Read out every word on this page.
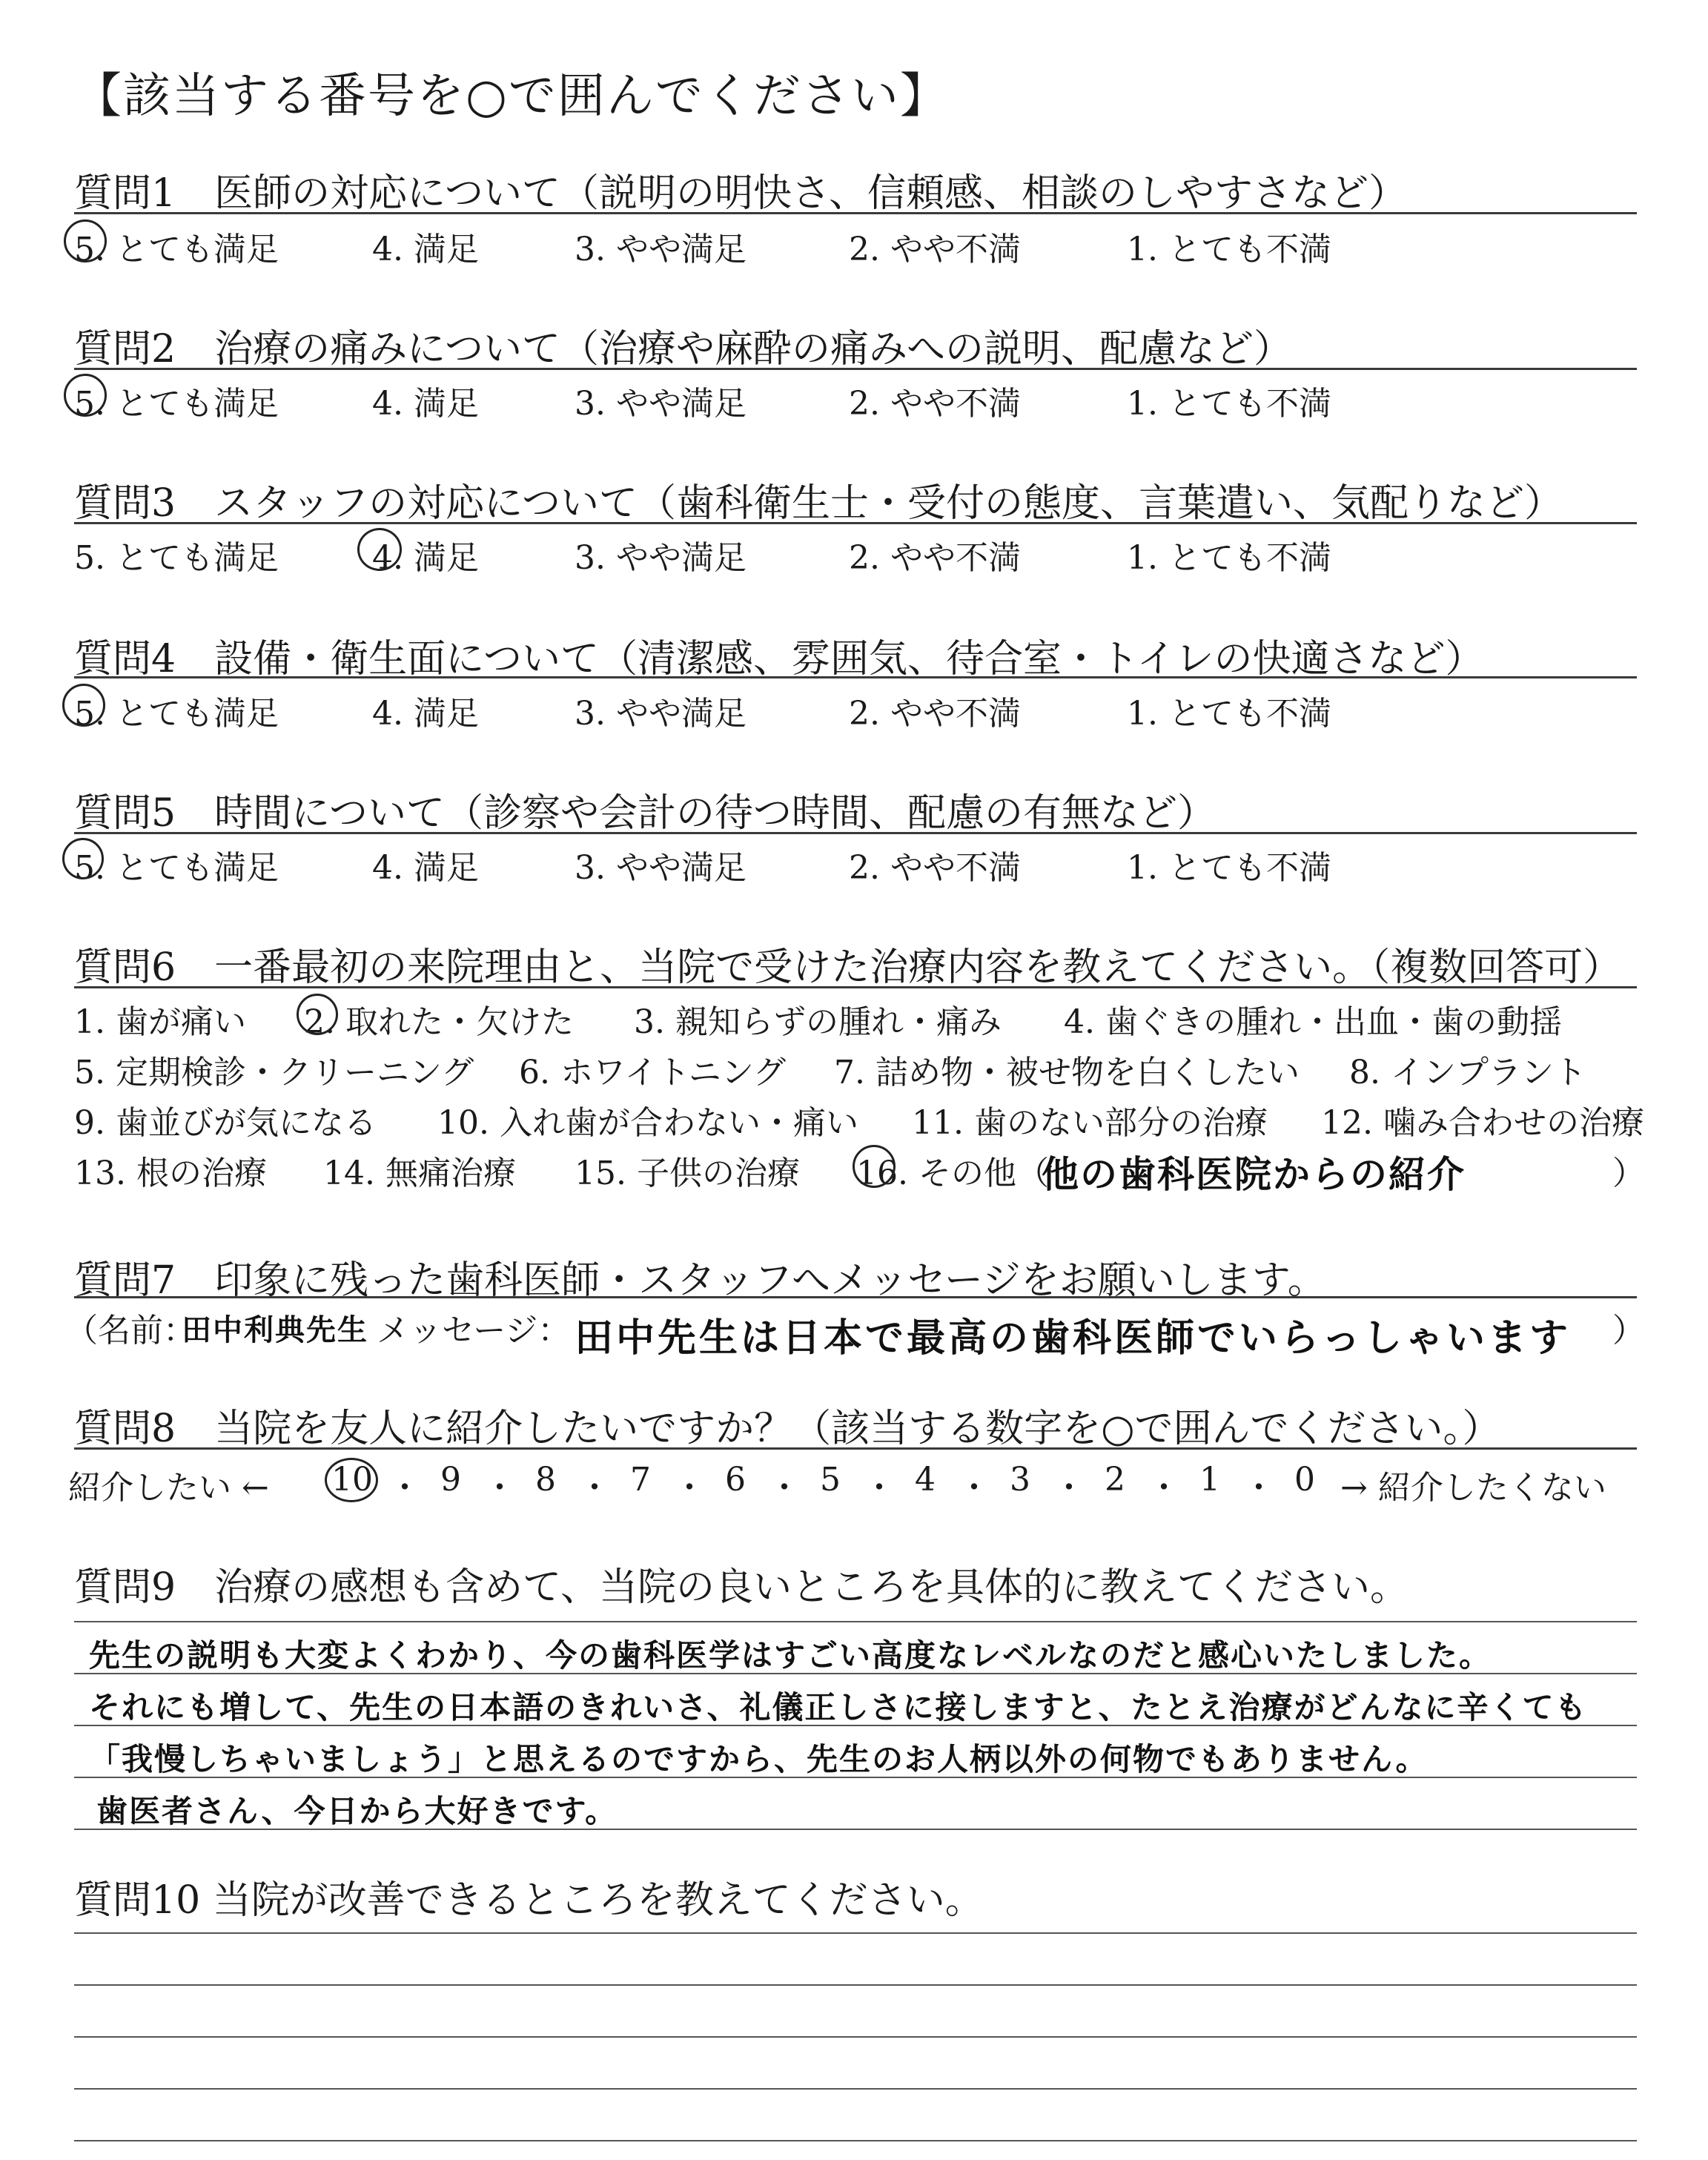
【該当する番号を○で囲んでください】
質問1　医師の対応について（説明の明快さ、信頼感、相談のしやすさなど）
5. とても満足	4. 満足	3. やや満足	2. やや不満	1. とても不満
質問2　治療の痛みについて（治療や麻酔の痛みへの説明、配慮など）
5. とても満足	4. 満足	3. やや満足	2. やや不満	1. とても不満
質問3　スタッフの対応について（歯科衛生士・受付の態度、言葉遣い、気配りなど）
5. とても満足	4. 満足	3. やや満足	2. やや不満	1. とても不満
質問4　設備・衛生面について（清潔感、雰囲気、待合室・トイレの快適さなど）
5. とても満足	4. 満足	3. やや満足	2. やや不満	1. とても不満
質問5　時間について（診察や会計の待つ時間、配慮の有無など）
5. とても満足	4. 満足	3. やや満足	2. やや不満	1. とても不満
質問6　一番最初の来院理由と、当院で受けた治療内容を教えてください。（複数回答可）
1. 歯が痛い 2. 取れた・欠けた 3. 親知らずの腫れ・痛み 4. 歯ぐきの腫れ・出血・歯の動揺
5. 定期検診・クリーニング 6. ホワイトニング 7. 詰め物・被せ物を白くしたい 8. インプラント
9. 歯並びが気になる 10. 入れ歯が合わない・痛い 11. 歯のない部分の治療 12. 噛み合わせの治療
13. 根の治療 14. 無痛治療 15. 子供の治療 16. その他（
他の歯科医院からの紹介	）
質問7　印象に残った歯科医師・スタッフへメッセージをお願いします。
（名前：
田中利典先生 メッセージ： 田中先生は日本で最高の歯科医師でいらっしゃいます ）
質問8　当院を友人に紹介したいですか？（該当する数字を○で囲んでください。）
紹介したい ← 10 ・ 9 ・ 8 ・ 7 ・ 6 ・ 5 ・ 4 ・ 3 ・ 2 ・ 1 ・ 0 → 紹介したくない
質問9　治療の感想も含めて、当院の良いところを具体的に教えてください。
先生の説明も大変よくわかり、今の歯科医学はすごい高度なレベルなのだと感心いたしました。
それにも増して、先生の日本語のきれいさ、礼儀正しさに接しますと、たとえ治療がどんなに辛くても
「我慢しちゃいましょう」と思えるのですから、先生のお人柄以外の何物でもありません。
歯医者さん、今日から大好きです。
質問10 当院が改善できるところを教えてください。
